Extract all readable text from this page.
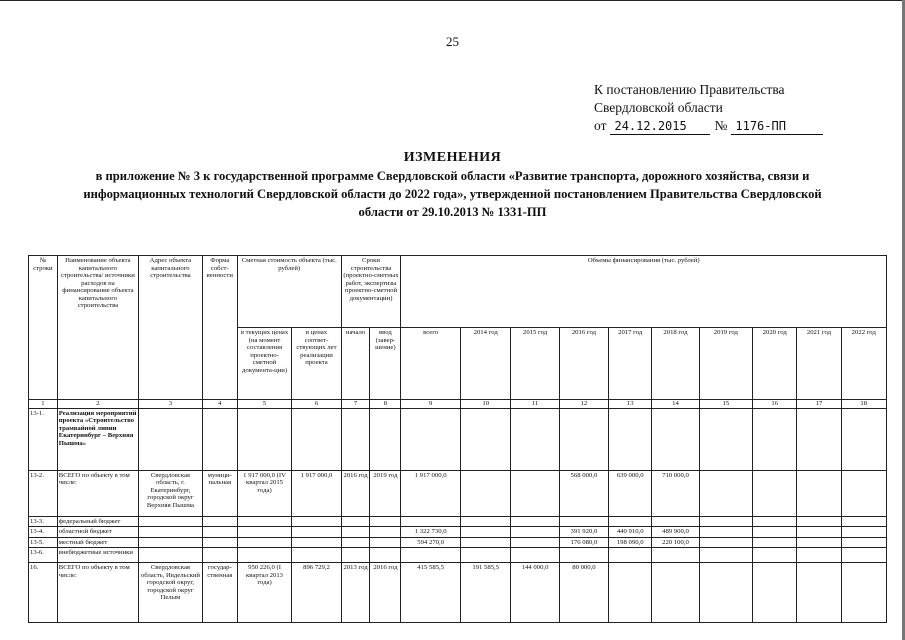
25
К постановлению Правительства
Свердловской области
от 24.12.2015	№ 1176-ПП
ИЗМЕНЕНИЯ
в приложение № 3 к государственной программе Свердловской области «Развитие транспорта, дорожного хозяйства, связи и информационных технологий Свердловской области до 2022 года», утвержденной постановлением Правительства Свердловской области от 29.10.2013 № 1331-ПП
№ строки	Наименование объекта капитального строительства/ источники расходов на финансирование объекта капитального строительства	Адрес объекта капитального строительства	Форма собст-венности	Сметная стоимость объекта (тыс. рублей)		Сроки строительства (проектно-сметных работ, экспертизы проектно-сметной документации)		Объемы финансирования (тыс. рублей)									
				в текущих ценах (на момент составления проектно-сметной документа-ции)	в ценах соответ-ствующих лет реализации проекта	начало	ввод (завер-шение)	всего	2014 год	2015 год	2016 год	2017 год	2018 год	2019 год	2020 год	2021 год	2022 год
1	2	3	4	5	6	7	8	9	10	11	12	13	14	15	16	17	18
13-1.	Реализация мероприятий проекта «Строительство трамвайной линии Екатеринбург – Верхняя Пышма»																
13-2.	ВСЕГО по объекту в том числе:	Свердловская область, г. Екатеринбург, городской округ Верхняя Пышма	муници-пальная	1 917 000,0 (IV квартал 2015 года)	1 917 000,0	2016 год	2019 год	1 917 000,0			568 000,0	639 000,0	710 000,0				
13-3.	федеральный бюджет																
13-4.	областной бюджет							1 322 730,0			391 920,0	440 910,0	489 900,0				
13-5.	местный бюджет							594 270,0			176 080,0	198 090,0	220 100,0				
13-6.	внебюджетные источники																
16.	ВСЕГО по объекту в том числе:	Свердловская область, Ивдельский городской округ, городской округ Пелым	государ-ственная	950 226,0 (I квартал 2013 года)	896 729,2	2013 год	2016 год	415 585,5	191 585,5	144 000,0	80 000,0						
